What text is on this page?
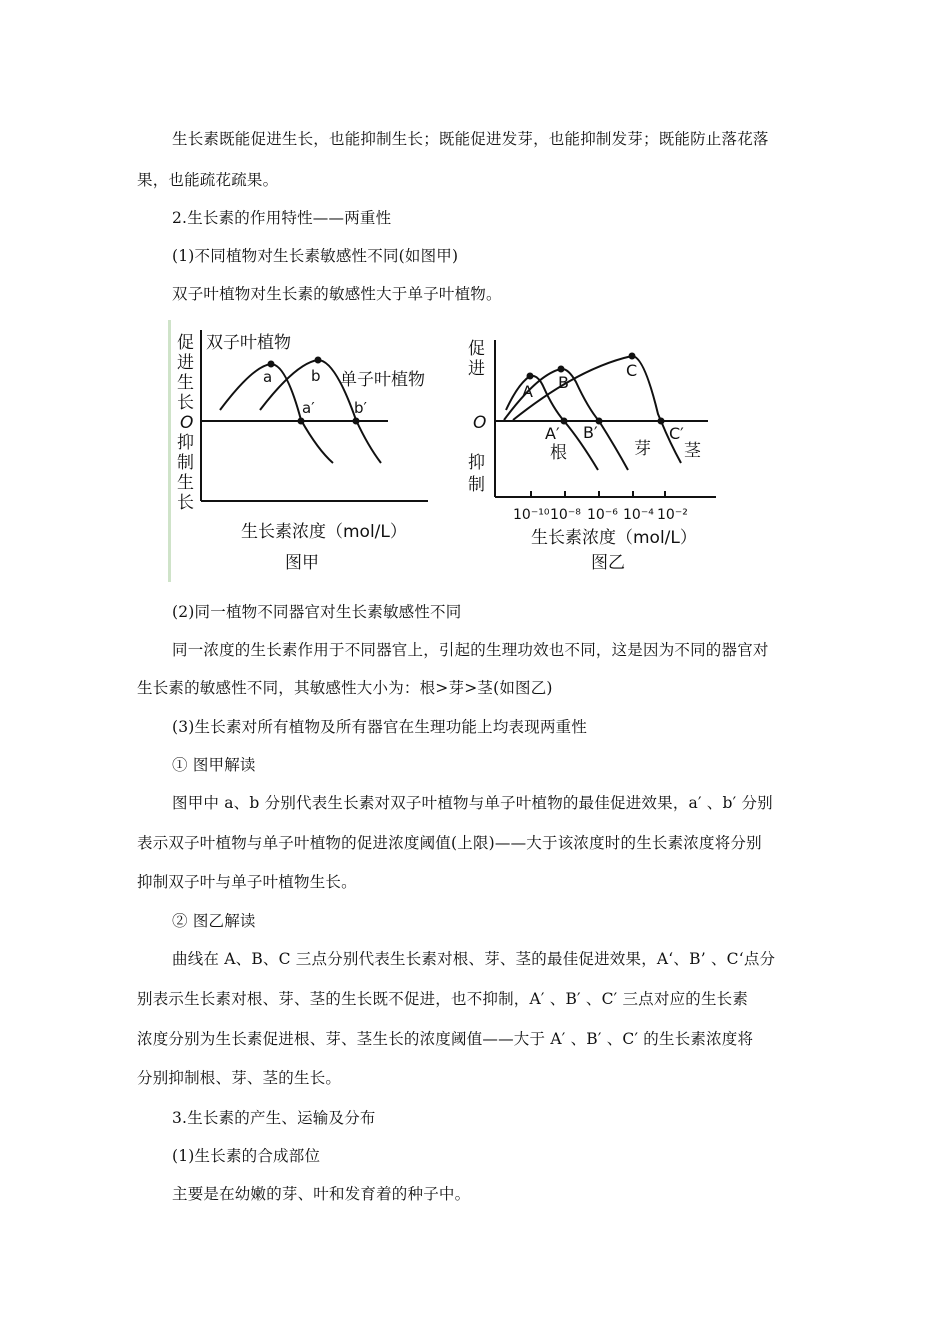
生长素既能促进生长，也能抑制生长；既能促进发芽，也能抑制发芽；既能防止落花落
果，也能疏花疏果。
2.生长素的作用特性——两重性
(1)不同植物对生长素敏感性不同(如图甲)
双子叶植物对生长素的敏感性大于单子叶植物。
促
进
生
长
O
抑
制
生
长
双子叶植物
单子叶植物
a	b
a′	b′
生长素浓度（mol/L）
图甲
促
进
O
抑
制
A B
C
A′ B′	C′
根	芽 茎
10⁻¹⁰ 10⁻⁸ 10⁻⁶ 10⁻⁴ 10⁻²
生长素浓度（mol/L）
图乙
(2)同一植物不同器官对生长素敏感性不同
同一浓度的生长素作用于不同器官上，引起的生理功效也不同，这是因为不同的器官对
生长素的敏感性不同，其敏感性大小为：根>芽>茎(如图乙)
(3)生长素对所有植物及所有器官在生理功能上均表现两重性
① 图甲解读
图甲中 a、b 分别代表生长素对双子叶植物与单子叶植物的最佳促进效果，a′ 、b′ 分别
表示双子叶植物与单子叶植物的促进浓度阈值(上限)——大于该浓度时的生长素浓度将分别
抑制双子叶与单子叶植物生长。
② 图乙解读
曲线在 A、B、C 三点分别代表生长素对根、芽、茎的最佳促进效果，A‘、B’ 、C‘点分
别表示生长素对根、芽、茎的生长既不促进，也不抑制，A′ 、B′ 、C′ 三点对应的生长素
浓度分别为生长素促进根、芽、茎生长的浓度阈值——大于 A′ 、B′ 、C′ 的生长素浓度将
分别抑制根、芽、茎的生长。
3.生长素的产生、运输及分布
(1)生长素的合成部位
主要是在幼嫩的芽、叶和发育着的种子中。
